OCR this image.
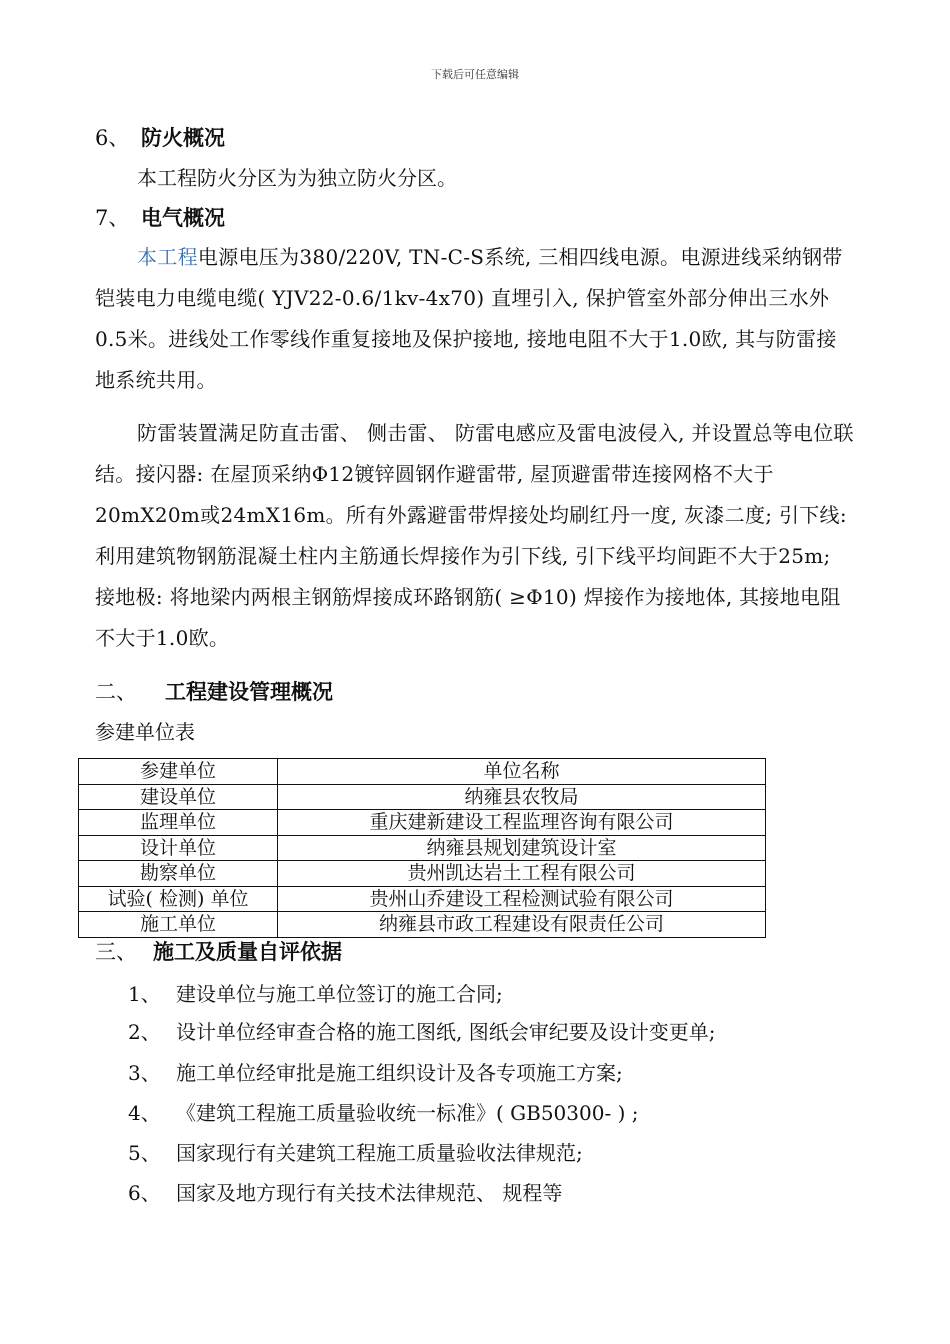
下载后可任意编辑
6、 防火概况
本工程防火分区为为独立防火分区。
7、 电气概况
本工程电源电压为380/220V, TN-C-S系统, 三相四线电源。电源进线采纳钢带铠装电力电缆电缆( YJV22-0.6/1kv-4x70) 直埋引入, 保护管室外部分伸出三水外0.5米。进线处工作零线作重复接地及保护接地, 接地电阻不大于1.0欧, 其与防雷接地系统共用。
防雷装置满足防直击雷、 侧击雷、 防雷电感应及雷电波侵入, 并设置总等电位联结。接闪器: 在屋顶采纳Φ12镀锌圆钢作避雷带, 屋顶避雷带连接网格不大于20mX20m或24mX16m。所有外露避雷带焊接处均刷红丹一度, 灰漆二度; 引下线: 利用建筑物钢筋混凝土柱内主筋通长焊接作为引下线, 引下线平均间距不大于25m; 接地极: 将地梁内两根主钢筋焊接成环路钢筋( ≥Φ10) 焊接作为接地体, 其接地电阻不大于1.0欧。
二、 工程建设管理概况
参建单位表
参建单位	单位名称
建设单位	纳雍县农牧局
监理单位	重庆建新建设工程监理咨询有限公司
设计单位	纳雍县规划建筑设计室
勘察单位	贵州凯达岩土工程有限公司
试验( 检测) 单位	贵州山乔建设工程检测试验有限公司
施工单位	纳雍县市政工程建设有限责任公司
三、 施工及质量自评依据
1、 建设单位与施工单位签订的施工合同;
2、 设计单位经审查合格的施工图纸, 图纸会审纪要及设计变更单;
3、 施工单位经审批是施工组织设计及各专项施工方案;
4、 《建筑工程施工质量验收统一标准》( GB50300- ) ;
5、 国家现行有关建筑工程施工质量验收法律规范;
6、 国家及地方现行有关技术法律规范、 规程等
